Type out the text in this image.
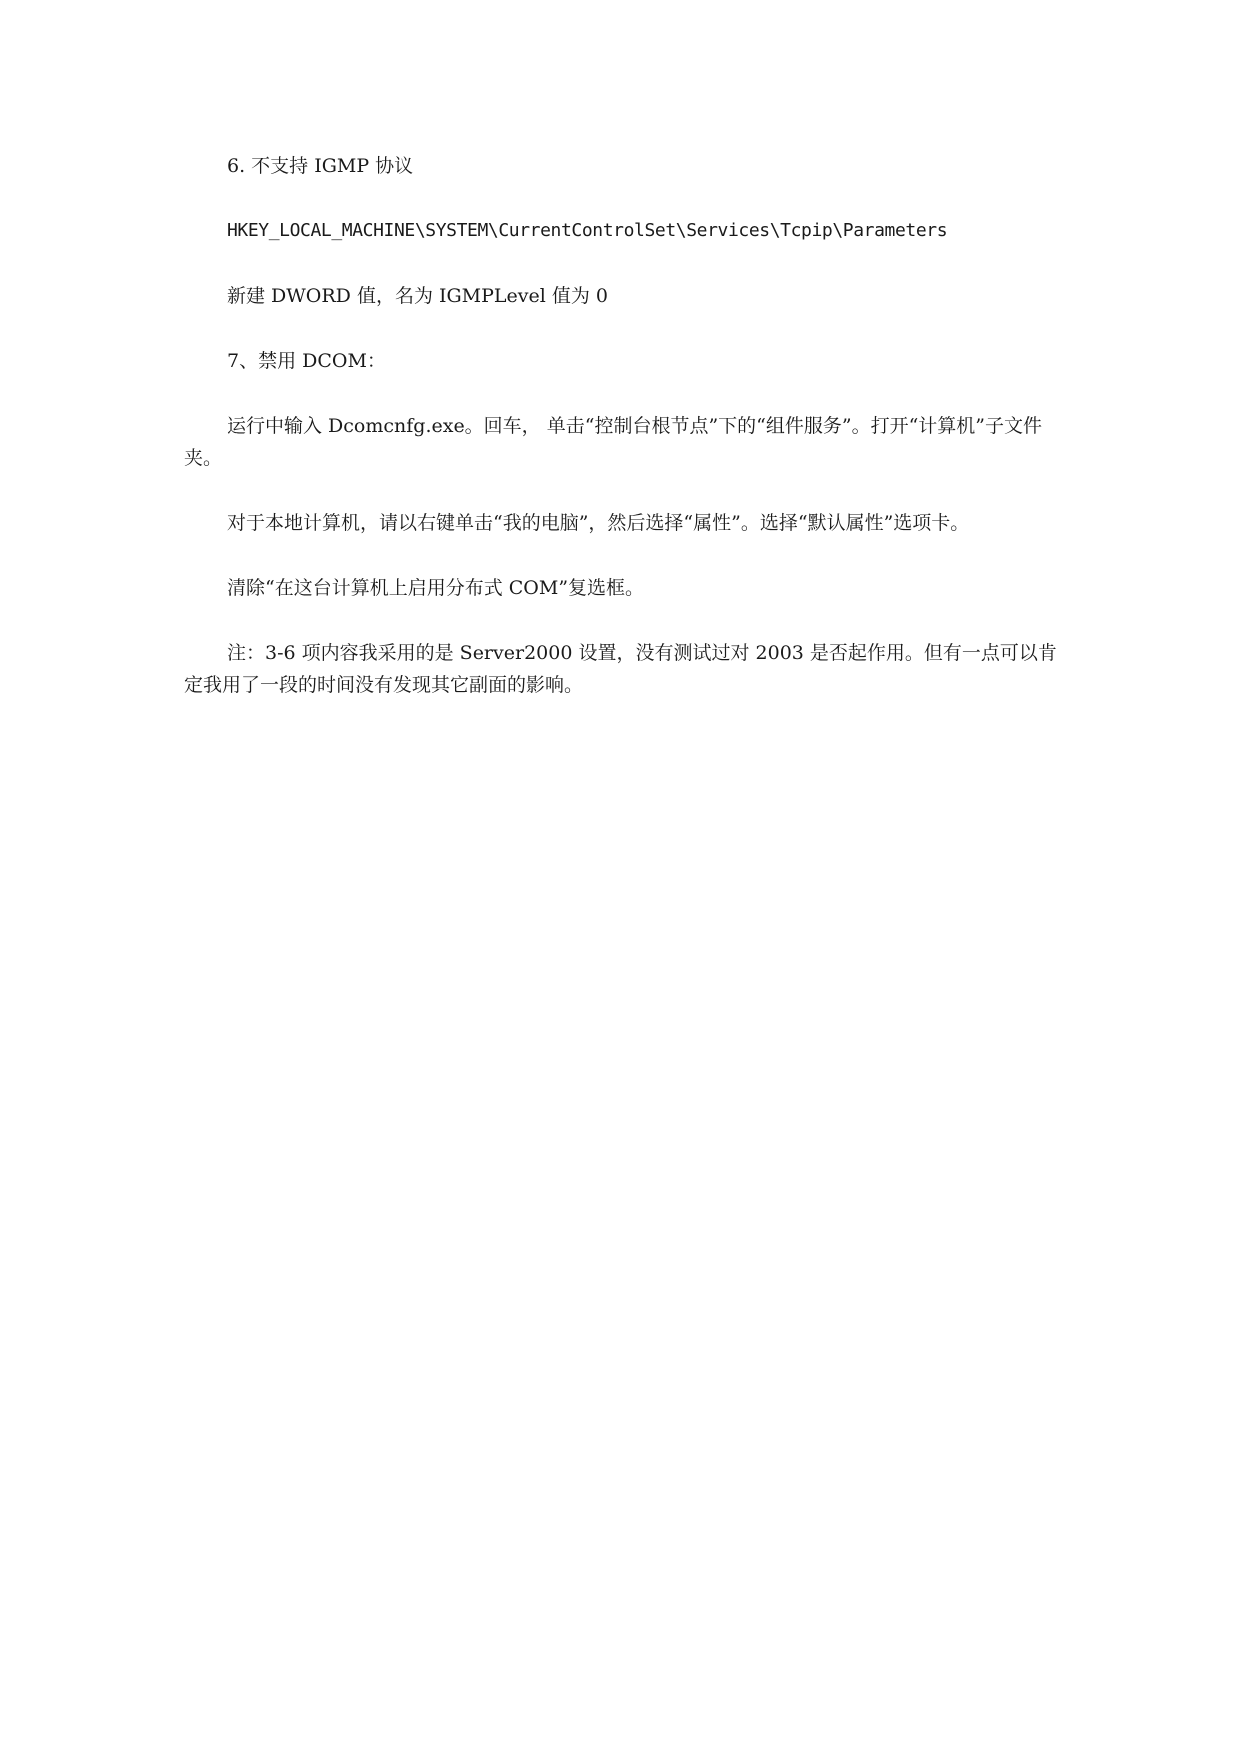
6. 不支持 IGMP 协议

HKEY_LOCAL_MACHINE\SYSTEM\CurrentControlSet\Services\Tcpip\Parameters

新建 DWORD 值，名为 IGMPLevel 值为 0

7、禁用 DCOM：

运行中输入 Dcomcnfg.exe。回车， 单击“控制台根节点”下的“组件服务”。打开“计算机”子文件夹。

对于本地计算机，请以右键单击“我的电脑”，然后选择“属性”。选择“默认属性”选项卡。

清除“在这台计算机上启用分布式 COM”复选框。

注：3-6 项内容我采用的是 Server2000 设置，没有测试过对 2003 是否起作用。但有一点可以肯定我用了一段的时间没有发现其它副面的影响。
